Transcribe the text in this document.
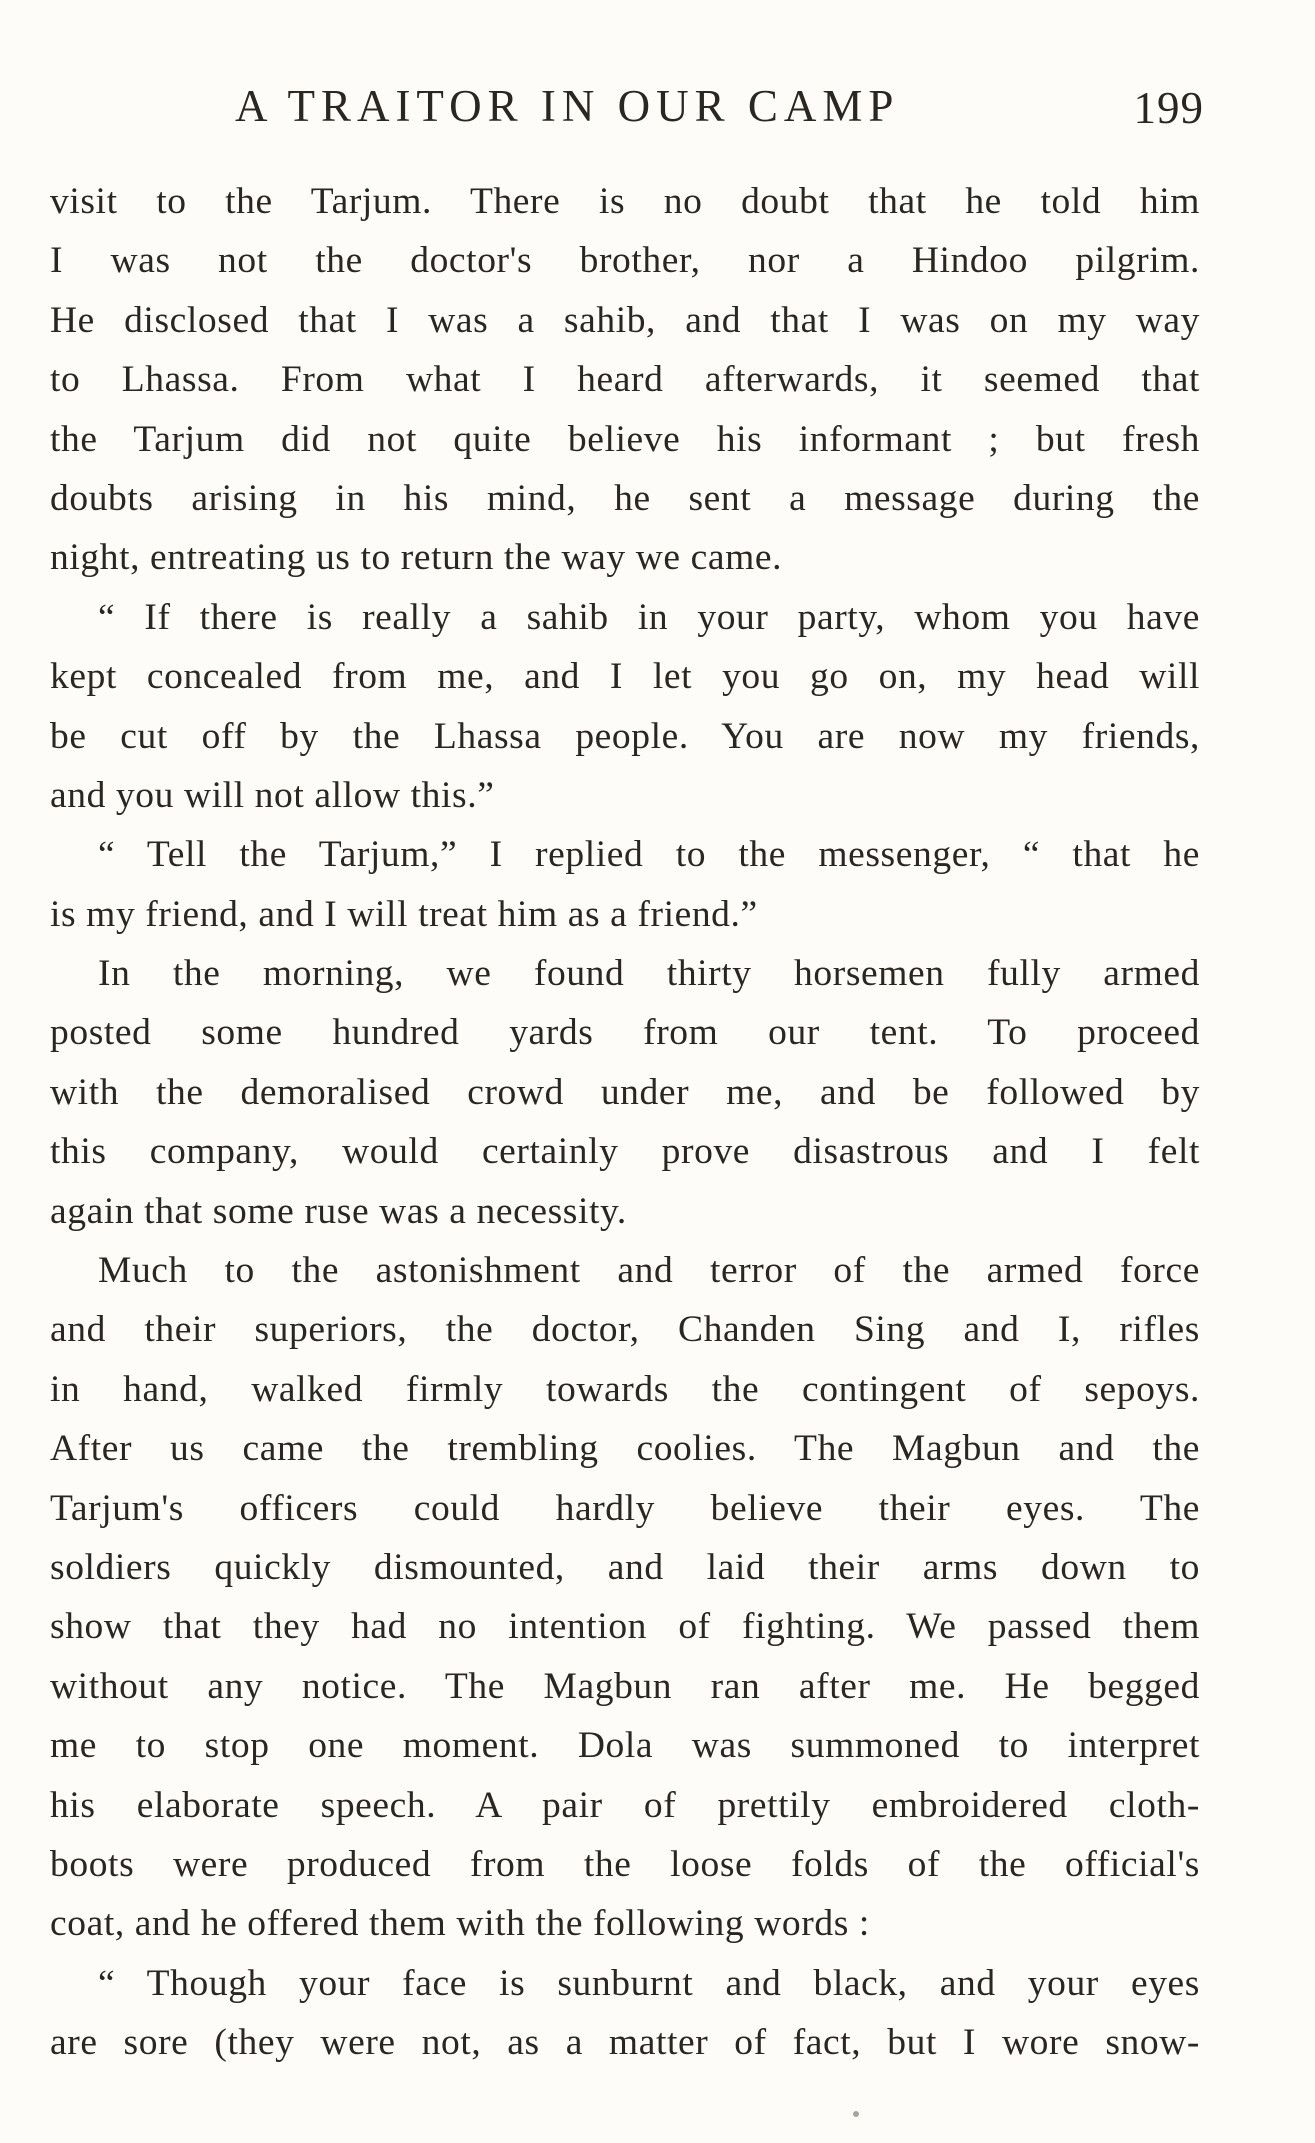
A TRAITOR IN OUR CAMP	199
visit to the Tarjum. There is no doubt that he told him
I was not the doctor's brother, nor a Hindoo pilgrim.
He disclosed that I was a sahib, and that I was on my way
to Lhassa. From what I heard afterwards, it seemed that
the Tarjum did not quite believe his informant ; but fresh
doubts arising in his mind, he sent a message during the
night, entreating us to return the way we came.
“ If there is really a sahib in your party, whom you have
kept concealed from me, and I let you go on, my head will
be cut off by the Lhassa people. You are now my friends,
and you will not allow this.”
“ Tell the Tarjum,” I replied to the messenger, “ that he
is my friend, and I will treat him as a friend.”
In the morning, we found thirty horsemen fully armed
posted some hundred yards from our tent. To proceed
with the demoralised crowd under me, and be followed by
this company, would certainly prove disastrous and I felt
again that some ruse was a necessity.
Much to the astonishment and terror of the armed force
and their superiors, the doctor, Chanden Sing and I, rifles
in hand, walked firmly towards the contingent of sepoys.
After us came the trembling coolies. The Magbun and the
Tarjum's officers could hardly believe their eyes. The
soldiers quickly dismounted, and laid their arms down to
show that they had no intention of fighting. We passed them
without any notice. The Magbun ran after me. He begged
me to stop one moment. Dola was summoned to interpret
his elaborate speech. A pair of prettily embroidered cloth-
boots were produced from the loose folds of the official's
coat, and he offered them with the following words :
“ Though your face is sunburnt and black, and your eyes
are sore (they were not, as a matter of fact, but I wore snow-
